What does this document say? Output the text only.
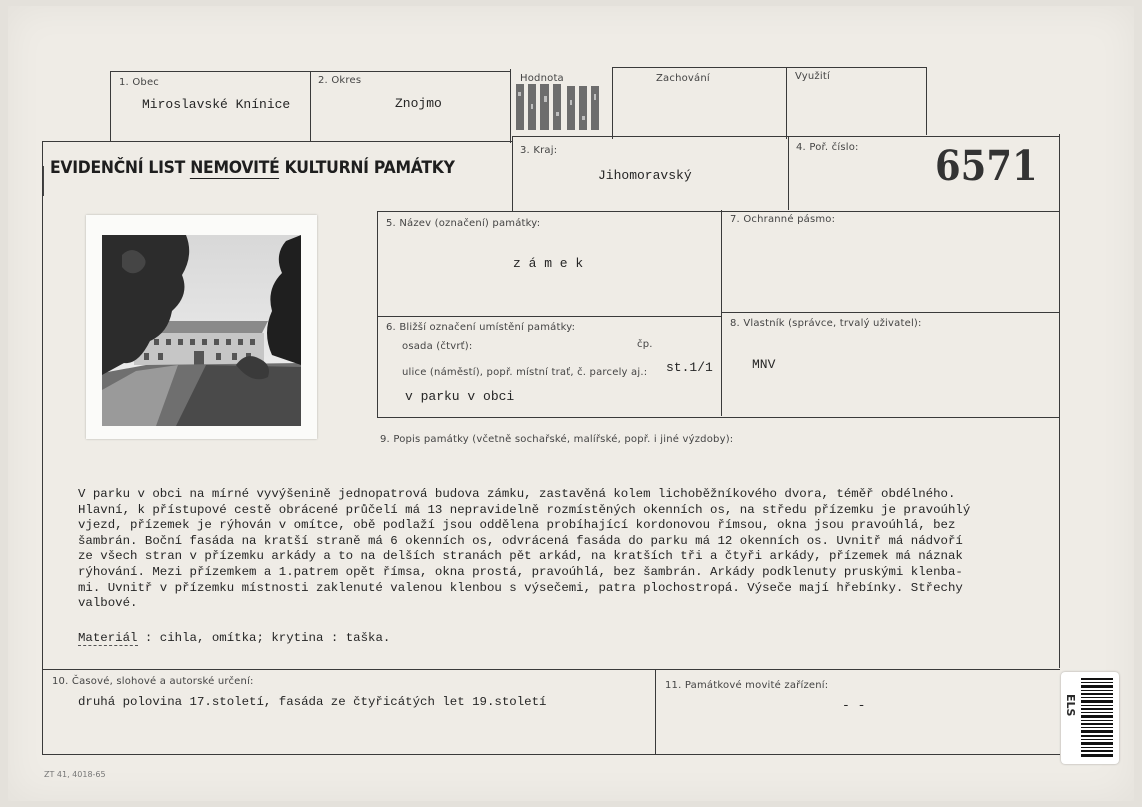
1. Obec
Miroslavské Knínice
2. Okres
Znojmo
Hodnota	Zachování	Využití
EVIDENČNÍ LIST NEMOVITÉ KULTURNÍ PAMÁTKY
3. Kraj:
Jihomoravský
4. Poř. číslo: 6571
5. Název (označení) památky:
z á m e k
7. Ochranné pásmo:
6. Bližší označení umístění památky:
osada (čtvrť):	čp.
ulice (náměstí), popř. místní trať, č. parcely aj.: st.1/1
v parku v obci
8. Vlastník (správce, trvalý uživatel):
MNV
9. Popis památky (včetně sochařské, malířské, popř. i jiné výzdoby):

V parku v obci na mírné vyvýšenině jednopatrová budova zámku, zastavěná kolem lichoběžníkového dvora, téměř obdélného.

Hlavní, k přístupové cestě obrácené průčelí má 13 nepravidelně rozmístěných okenních os, na středu přízemku je pravoúhlý

vjezd, přízemek je rýhován v omítce, obě podlaží jsou oddělena probíhající kordonovou římsou, okna jsou pravoúhlá, bez

šambrán. Boční fasáda na kratší straně má 6 okenních os, odvrácená fasáda do parku má 12 okenních os. Uvnitř má nádvoří

ze všech stran v přízemku arkády a to na delších stranách pět arkád, na kratších tři a čtyři arkády, přízemek má náznak

rýhování. Mezi přízemkem a 1.patrem opět římsa, okna prostá, pravoúhlá, bez šambrán. Arkády podklenuty pruskými klenba-

mi. Uvnitř v přízemku místnosti zaklenuté valenou klenbou s výsečemi, patra plochostropá. Výseče mají hřebínky. Střechy

valbové.

Materiál : cihla, omítka; krytina : taška.
10. Časové, slohové a autorské určení:
druhá polovina 17.století, fasáda ze čtyřicátých let 19.století
11. Památkové movité zařízení:
- -
ZT 41, 4018-65
ELS
